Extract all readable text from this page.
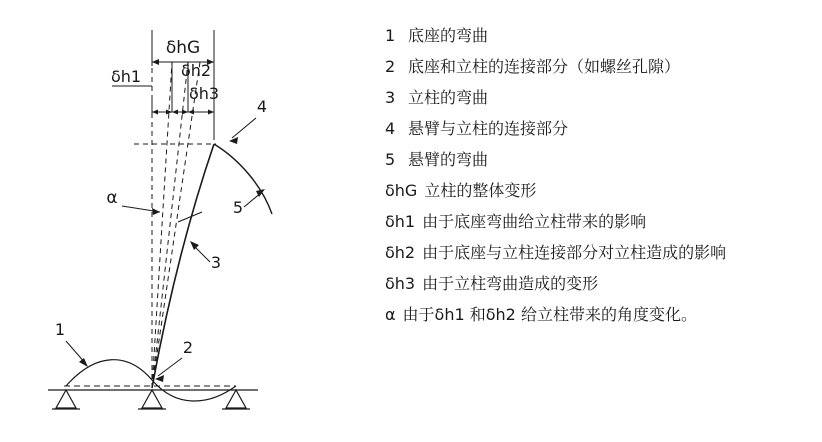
δhG
δh1 δh2
δh3
α
1
2
3
4
5
1 底座的弯曲
2 底座和立柱的连接部分（如螺丝孔隙）
3 立柱的弯曲
4 悬臂与立柱的连接部分
5 悬臂的弯曲
δhG 立柱的整体变形
δh1 由于底座弯曲给立柱带来的影响
δh2 由于底座与立柱连接部分对立柱造成的影响
δh3 由于立柱弯曲造成的变形
α 由于δh1 和δh2 给立柱带来的角度变化。
